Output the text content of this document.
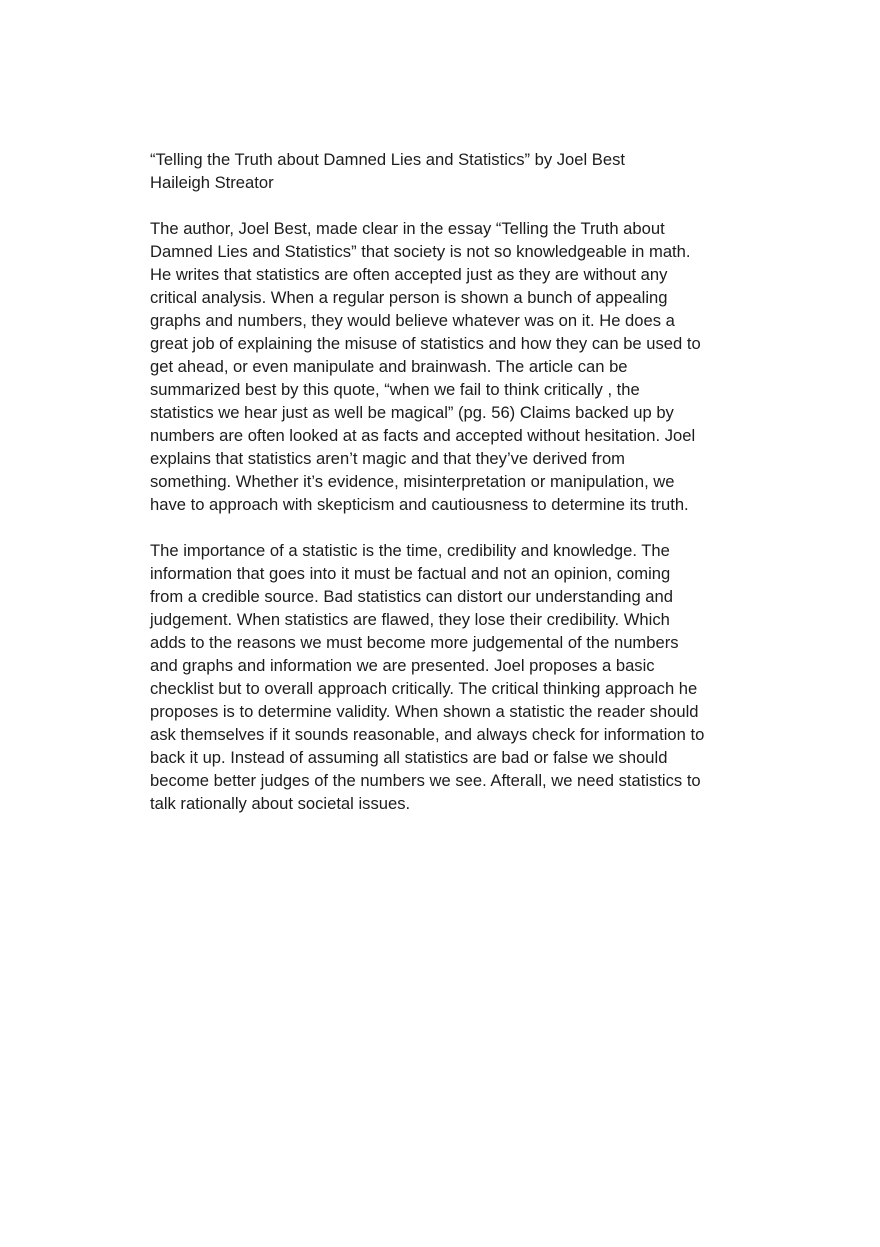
“Telling the Truth about Damned Lies and Statistics” by Joel Best

Haileigh Streator

The author, Joel Best, made clear in the essay “Telling the Truth about
Damned Lies and Statistics” that society is not so knowledgeable in math.
He writes that statistics are often accepted just as they are without any
critical analysis. When a regular person is shown a bunch of appealing
graphs and numbers, they would believe whatever was on it. He does a
great job of explaining the misuse of statistics and how they can be used to
get ahead, or even manipulate and brainwash. The article can be
summarized best by this quote, “when we fail to think critically , the
statistics we hear just as well be magical” (pg. 56) Claims backed up by
numbers are often looked at as facts and accepted without hesitation. Joel
explains that statistics aren’t magic and that they’ve derived from
something. Whether it’s evidence, misinterpretation or manipulation, we
have to approach with skepticism and cautiousness to determine its truth.

The importance of a statistic is the time, credibility and knowledge. The
information that goes into it must be factual and not an opinion, coming
from a credible source. Bad statistics can distort our understanding and
judgement. When statistics are flawed, they lose their credibility. Which
adds to the reasons we must become more judgemental of the numbers
and graphs and information we are presented. Joel proposes a basic
checklist but to overall approach critically. The critical thinking approach he
proposes is to determine validity. When shown a statistic the reader should
ask themselves if it sounds reasonable, and always check for information to
back it up. Instead of assuming all statistics are bad or false we should
become better judges of the numbers we see. Afterall, we need statistics to
talk rationally about societal issues.
